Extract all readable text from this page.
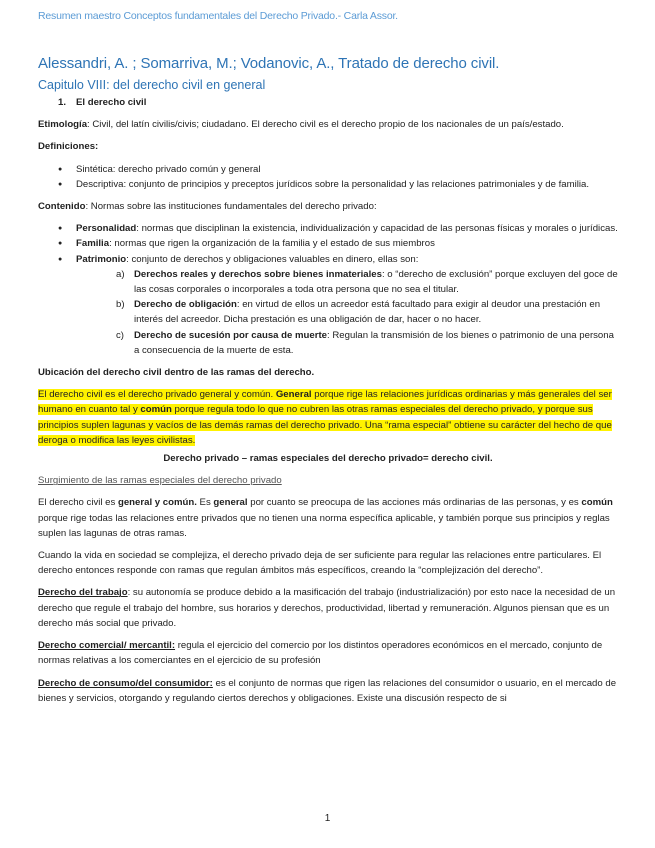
Resumen maestro Conceptos fundamentales del Derecho Privado.- Carla Assor.
Alessandri, A. ; Somarriva, M.; Vodanovic, A., Tratado de derecho civil.
Capitulo VIII: del derecho civil en general

1. El derecho civil

Etimología: Civil, del latín civilis/civis; ciudadano. El derecho civil es el derecho propio de los nacionales de un país/estado.

Definiciones:

● Sintética: derecho privado común y general
● Descriptiva: conjunto de principios y preceptos jurídicos sobre la personalidad y las relaciones patrimoniales y de familia.

Contenido: Normas sobre las instituciones fundamentales del derecho privado:

● Personalidad: normas que disciplinan la existencia, individualización y capacidad de las personas físicas y morales o jurídicas.
● Familia: normas que rigen la organización de la familia y el estado de sus miembros
● Patrimonio: conjunto de derechos y obligaciones valuables en dinero, ellas son:
a) Derechos reales y derechos sobre bienes inmateriales: o “derecho de exclusión” porque excluyen del goce de las cosas corporales o incorporales a toda otra persona que no sea el titular.
b) Derecho de obligación: en virtud de ellos un acreedor está facultado para exigir al deudor una prestación en interés del acreedor. Dicha prestación es una obligación de dar, hacer o no hacer.
c) Derecho de sucesión por causa de muerte: Regulan la transmisión de los bienes o patrimonio de una persona a consecuencia de la muerte de esta.

Ubicación del derecho civil dentro de las ramas del derecho.

El derecho civil es el derecho privado general y común. General porque rige las relaciones jurídicas ordinarias y más generales del ser humano en cuanto tal y común porque regula todo lo que no cubren las otras ramas especiales del derecho privado, y porque sus principios suplen lagunas y vacíos de las demás ramas del derecho privado. Una “rama especial” obtiene su carácter del hecho de que deroga o modifica las leyes civilistas.

Derecho privado – ramas especiales del derecho privado= derecho civil.

Surgimiento de las ramas especiales del derecho privado

El derecho civil es general y común. Es general por cuanto se preocupa de las acciones más ordinarias de las personas, y es común porque rige todas las relaciones entre privados que no tienen una norma específica aplicable, y también porque sus principios y reglas suplen las lagunas de otras ramas.

Cuando la vida en sociedad se complejiza, el derecho privado deja de ser suficiente para regular las relaciones entre particulares. El derecho entonces responde con ramas que regulan ámbitos más específicos, creando la “complejización del derecho”.

Derecho del trabajo: su autonomía se produce debido a la masificación del trabajo (industrialización) por esto nace la necesidad de un derecho que regule el trabajo del hombre, sus horarios y derechos, productividad, libertad y remuneración. Algunos piensan que es un derecho más social que privado.

Derecho comercial/ mercantil: regula el ejercicio del comercio por los distintos operadores económicos en el mercado, conjunto de normas relativas a los comerciantes en el ejercicio de su profesión

Derecho de consumo/del consumidor: es el conjunto de normas que rigen las relaciones del consumidor o usuario, en el mercado de bienes y servicios, otorgando y regulando ciertos derechos y obligaciones. Existe una discusión respecto de si

1
